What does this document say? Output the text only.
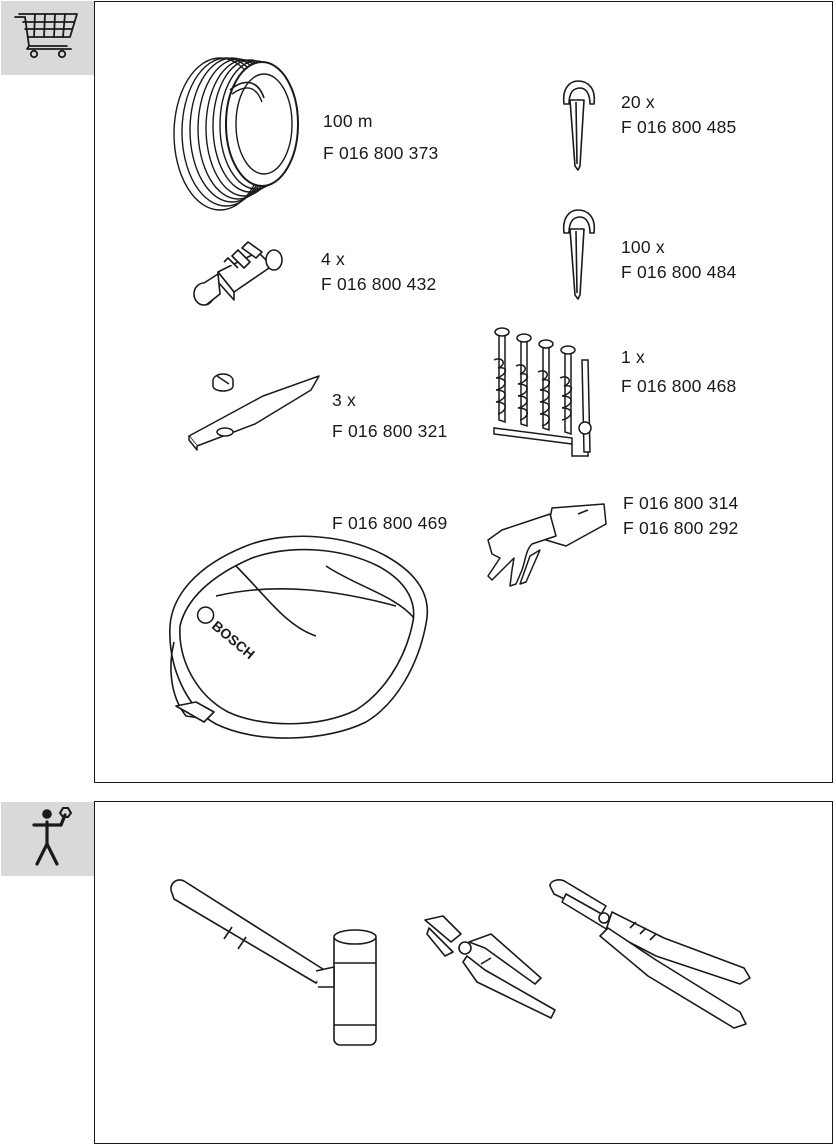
100 m
F 016 800 373
20 x
F 016 800 485
4 x
F 016 800 432
100 x
F 016 800 484
1 x
F 016 800 468
3 x
F 016 800 321
F 016 800 469
BOSCH
F 016 800 314
F 016 800 292
